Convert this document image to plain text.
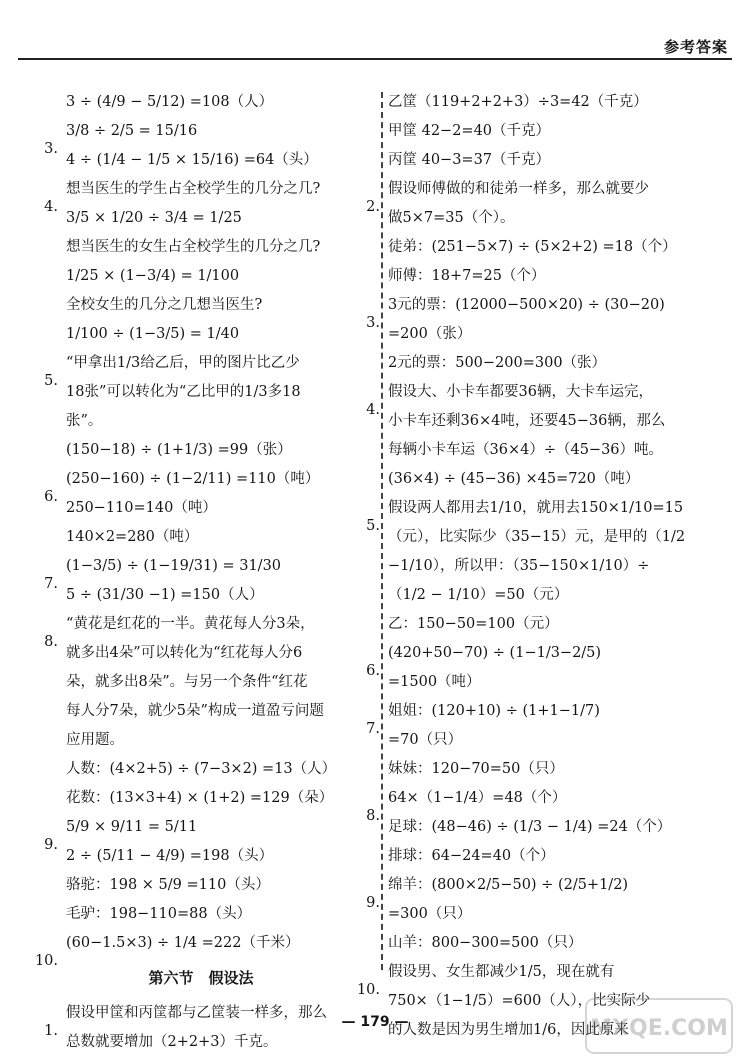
参考答案
3 ÷ (4/9 − 5/12) =108（人）
3.
3/8 ÷ 2/5 = 15/16
4 ÷ (1/4 − 1/5 × 15/16) =64（头）
4.
想当医生的学生占全校学生的几分之几?
3/5 × 1/20 ÷ 3/4 = 1/25
想当医生的女生占全校学生的几分之几?
1/25 × (1−3/4) = 1/100
全校女生的几分之几想当医生?
1/100 ÷ (1−3/5) = 1/40
5.
“甲拿出1/3给乙后，甲的图片比乙少
18张”可以转化为“乙比甲的1/3多18
张”。
(150−18) ÷ (1+1/3) =99（张）
6.
(250−160) ÷ (1−2/11) =110（吨）
250−110=140（吨）
140×2=280（吨）
7.
(1−3/5) ÷ (1−19/31) = 31/30
5 ÷ (31/30 −1) =150（人）
8.
“黄花是红花的一半。黄花每人分3朵，
就多出4朵”可以转化为“红花每人分6
朵，就多出8朵”。与另一个条件“红花
每人分7朵，就少5朵”构成一道盈亏问题
应用题。
人数：(4×2+5) ÷ (7−3×2) =13（人）
花数：(13×3+4) × (1+2) =129（朵）
9.
5/9 × 9/11 = 5/11
2 ÷ (5/11 − 4/9) =198（头）
骆驼：198 × 5/9 =110（头）
毛驴：198−110=88（头）
10.
(60−1.5×3) ÷ 1/4 =222（千米）
第六节　假设法
1.
假设甲筐和丙筐都与乙筐装一样多，那么
总数就要增加（2+2+3）千克。
乙筐（119+2+2+3）÷3=42（千克）
甲筐 42−2=40（千克）
丙筐 40−3=37（千克）
2.
假设师傅做的和徒弟一样多，那么就要少
做5×7=35（个）。
徒弟：(251−5×7) ÷ (5×2+2) =18（个）
师傅：18+7=25（个）
3.
3元的票：(12000−500×20) ÷ (30−20)
=200（张）
2元的票：500−200=300（张）
4.
假设大、小卡车都要36辆，大卡车运完，
小卡车还剩36×4吨，还要45−36辆，那么
每辆小卡车运（36×4）÷（45−36）吨。
(36×4) ÷ (45−36) ×45=720（吨）
5.
假设两人都用去1/10，就用去150×1/10=15
（元），比实际少（35−15）元，是甲的（1/2
−1/10），所以甲：（35−150×1/10）÷
（1/2 − 1/10）=50（元）
乙：150−50=100（元）
6.
(420+50−70) ÷ (1−1/3−2/5)
=1500（吨）
7.
姐姐：(120+10) ÷ (1+1−1/7)
=70（只）
妹妹：120−70=50（只）
8.
64×（1−1/4）=48（个）
足球：(48−46) ÷ (1/3 − 1/4) =24（个）
排球：64−24=40（个）
9.
绵羊：(800×2/5−50) ÷ (2/5+1/2)
=300（只）
山羊：800−300=500（只）
10.
假设男、女生都减少1/5，现在就有
750×（1−1/5）=600（人），比实际少
的人数是因为男生增加1/6，因此原来
— 179 —	MXQE.COM
